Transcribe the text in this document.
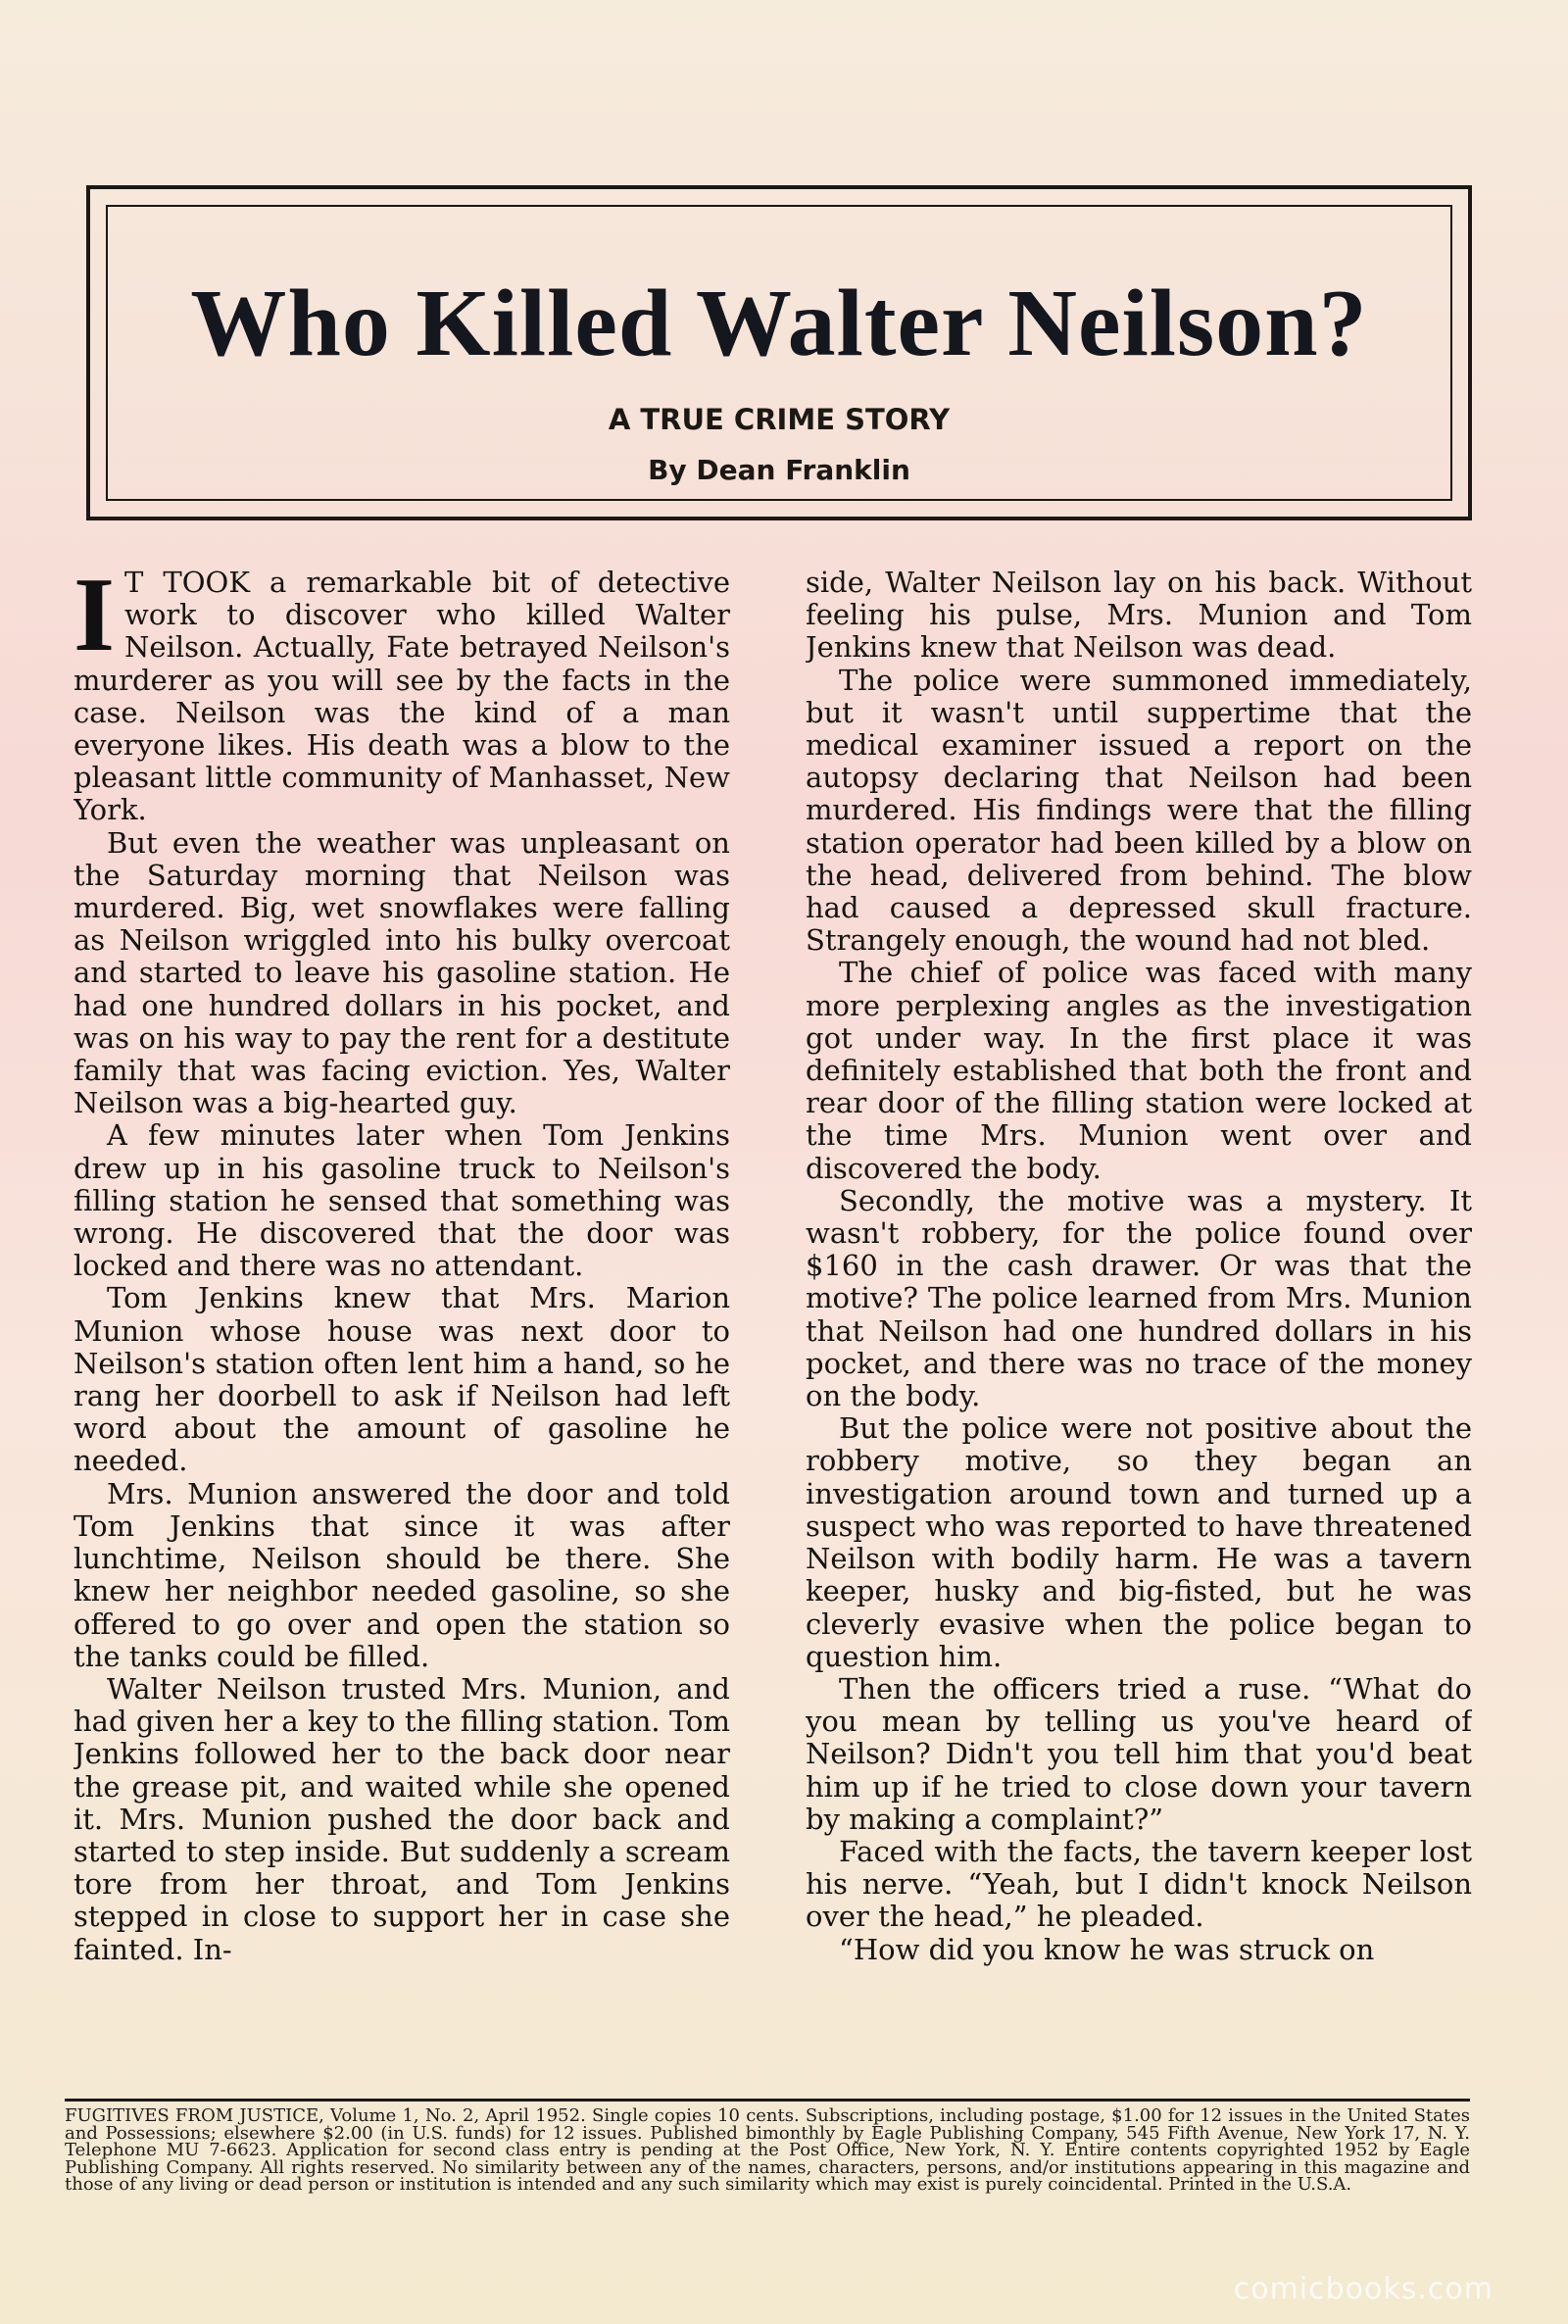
Who Killed Walter Neilson?
A TRUE CRIME STORY
By Dean Franklin

I T TOOK a remarkable bit of detective work to discover who killed Walter Neilson. Actually, Fate betrayed Neilson's murderer as you will see by the facts in the case. Neilson was the kind of a man everyone likes. His death was a blow to the pleasant little community of Manhasset, New York.

But even the weather was unpleasant on the Saturday morning that Neilson was murdered. Big, wet snowflakes were falling as Neilson wriggled into his bulky overcoat and started to leave his gasoline station. He had one hundred dollars in his pocket, and was on his way to pay the rent for a destitute family that was facing eviction. Yes, Walter Neilson was a big-hearted guy.

A few minutes later when Tom Jenkins drew up in his gasoline truck to Neilson's filling station he sensed that something was wrong. He discovered that the door was locked and there was no attendant.

Tom Jenkins knew that Mrs. Marion Munion whose house was next door to Neilson's station often lent him a hand, so he rang her doorbell to ask if Neilson had left word about the amount of gasoline he needed.

Mrs. Munion answered the door and told Tom Jenkins that since it was after lunchtime, Neilson should be there. She knew her neighbor needed gasoline, so she offered to go over and open the station so the tanks could be filled.

Walter Neilson trusted Mrs. Munion, and had given her a key to the filling station. Tom Jenkins followed her to the back door near the grease pit, and waited while she opened it. Mrs. Munion pushed the door back and started to step inside. But suddenly a scream tore from her throat, and Tom Jenkins stepped in close to support her in case she fainted. In-

side, Walter Neilson lay on his back. Without feeling his pulse, Mrs. Munion and Tom Jenkins knew that Neilson was dead.

The police were summoned immediately, but it wasn't until suppertime that the medical examiner issued a report on the autopsy declaring that Neilson had been murdered. His findings were that the filling station operator had been killed by a blow on the head, delivered from behind. The blow had caused a depressed skull fracture. Strangely enough, the wound had not bled.

The chief of police was faced with many more perplexing angles as the investigation got under way. In the first place it was definitely established that both the front and rear door of the filling station were locked at the time Mrs. Munion went over and discovered the body.

Secondly, the motive was a mystery. It wasn't robbery, for the police found over $160 in the cash drawer. Or was that the motive? The police learned from Mrs. Munion that Neilson had one hundred dollars in his pocket, and there was no trace of the money on the body.

But the police were not positive about the robbery motive, so they began an investigation around town and turned up a suspect who was reported to have threatened Neilson with bodily harm. He was a tavern keeper, husky and big-fisted, but he was cleverly evasive when the police began to question him.

Then the officers tried a ruse. “What do you mean by telling us you've heard of Neilson? Didn't you tell him that you'd beat him up if he tried to close down your tavern by making a complaint?”

Faced with the facts, the tavern keeper lost his nerve. “Yeah, but I didn't knock Neilson over the head,” he pleaded.

“How did you know he was struck on

FUGITIVES FROM JUSTICE, Volume 1, No. 2, April 1952. Single copies 10 cents. Subscriptions, including postage, $1.00 for 12 issues in the United States and Possessions; elsewhere $2.00 (in U.S. funds) for 12 issues. Published bimonthly by Eagle Publishing Company, 545 Fifth Avenue, New York 17, N. Y. Telephone MU 7-6623. Application for second class entry is pending at the Post Office, New York, N. Y. Entire contents copyrighted 1952 by Eagle Publishing Company. All rights reserved. No similarity between any of the names, characters, persons, and/or institutions appearing in this magazine and those of any living or dead person or institution is intended and any such similarity which may exist is purely coincidental. Printed in the U.S.A.
comicbooks.com
